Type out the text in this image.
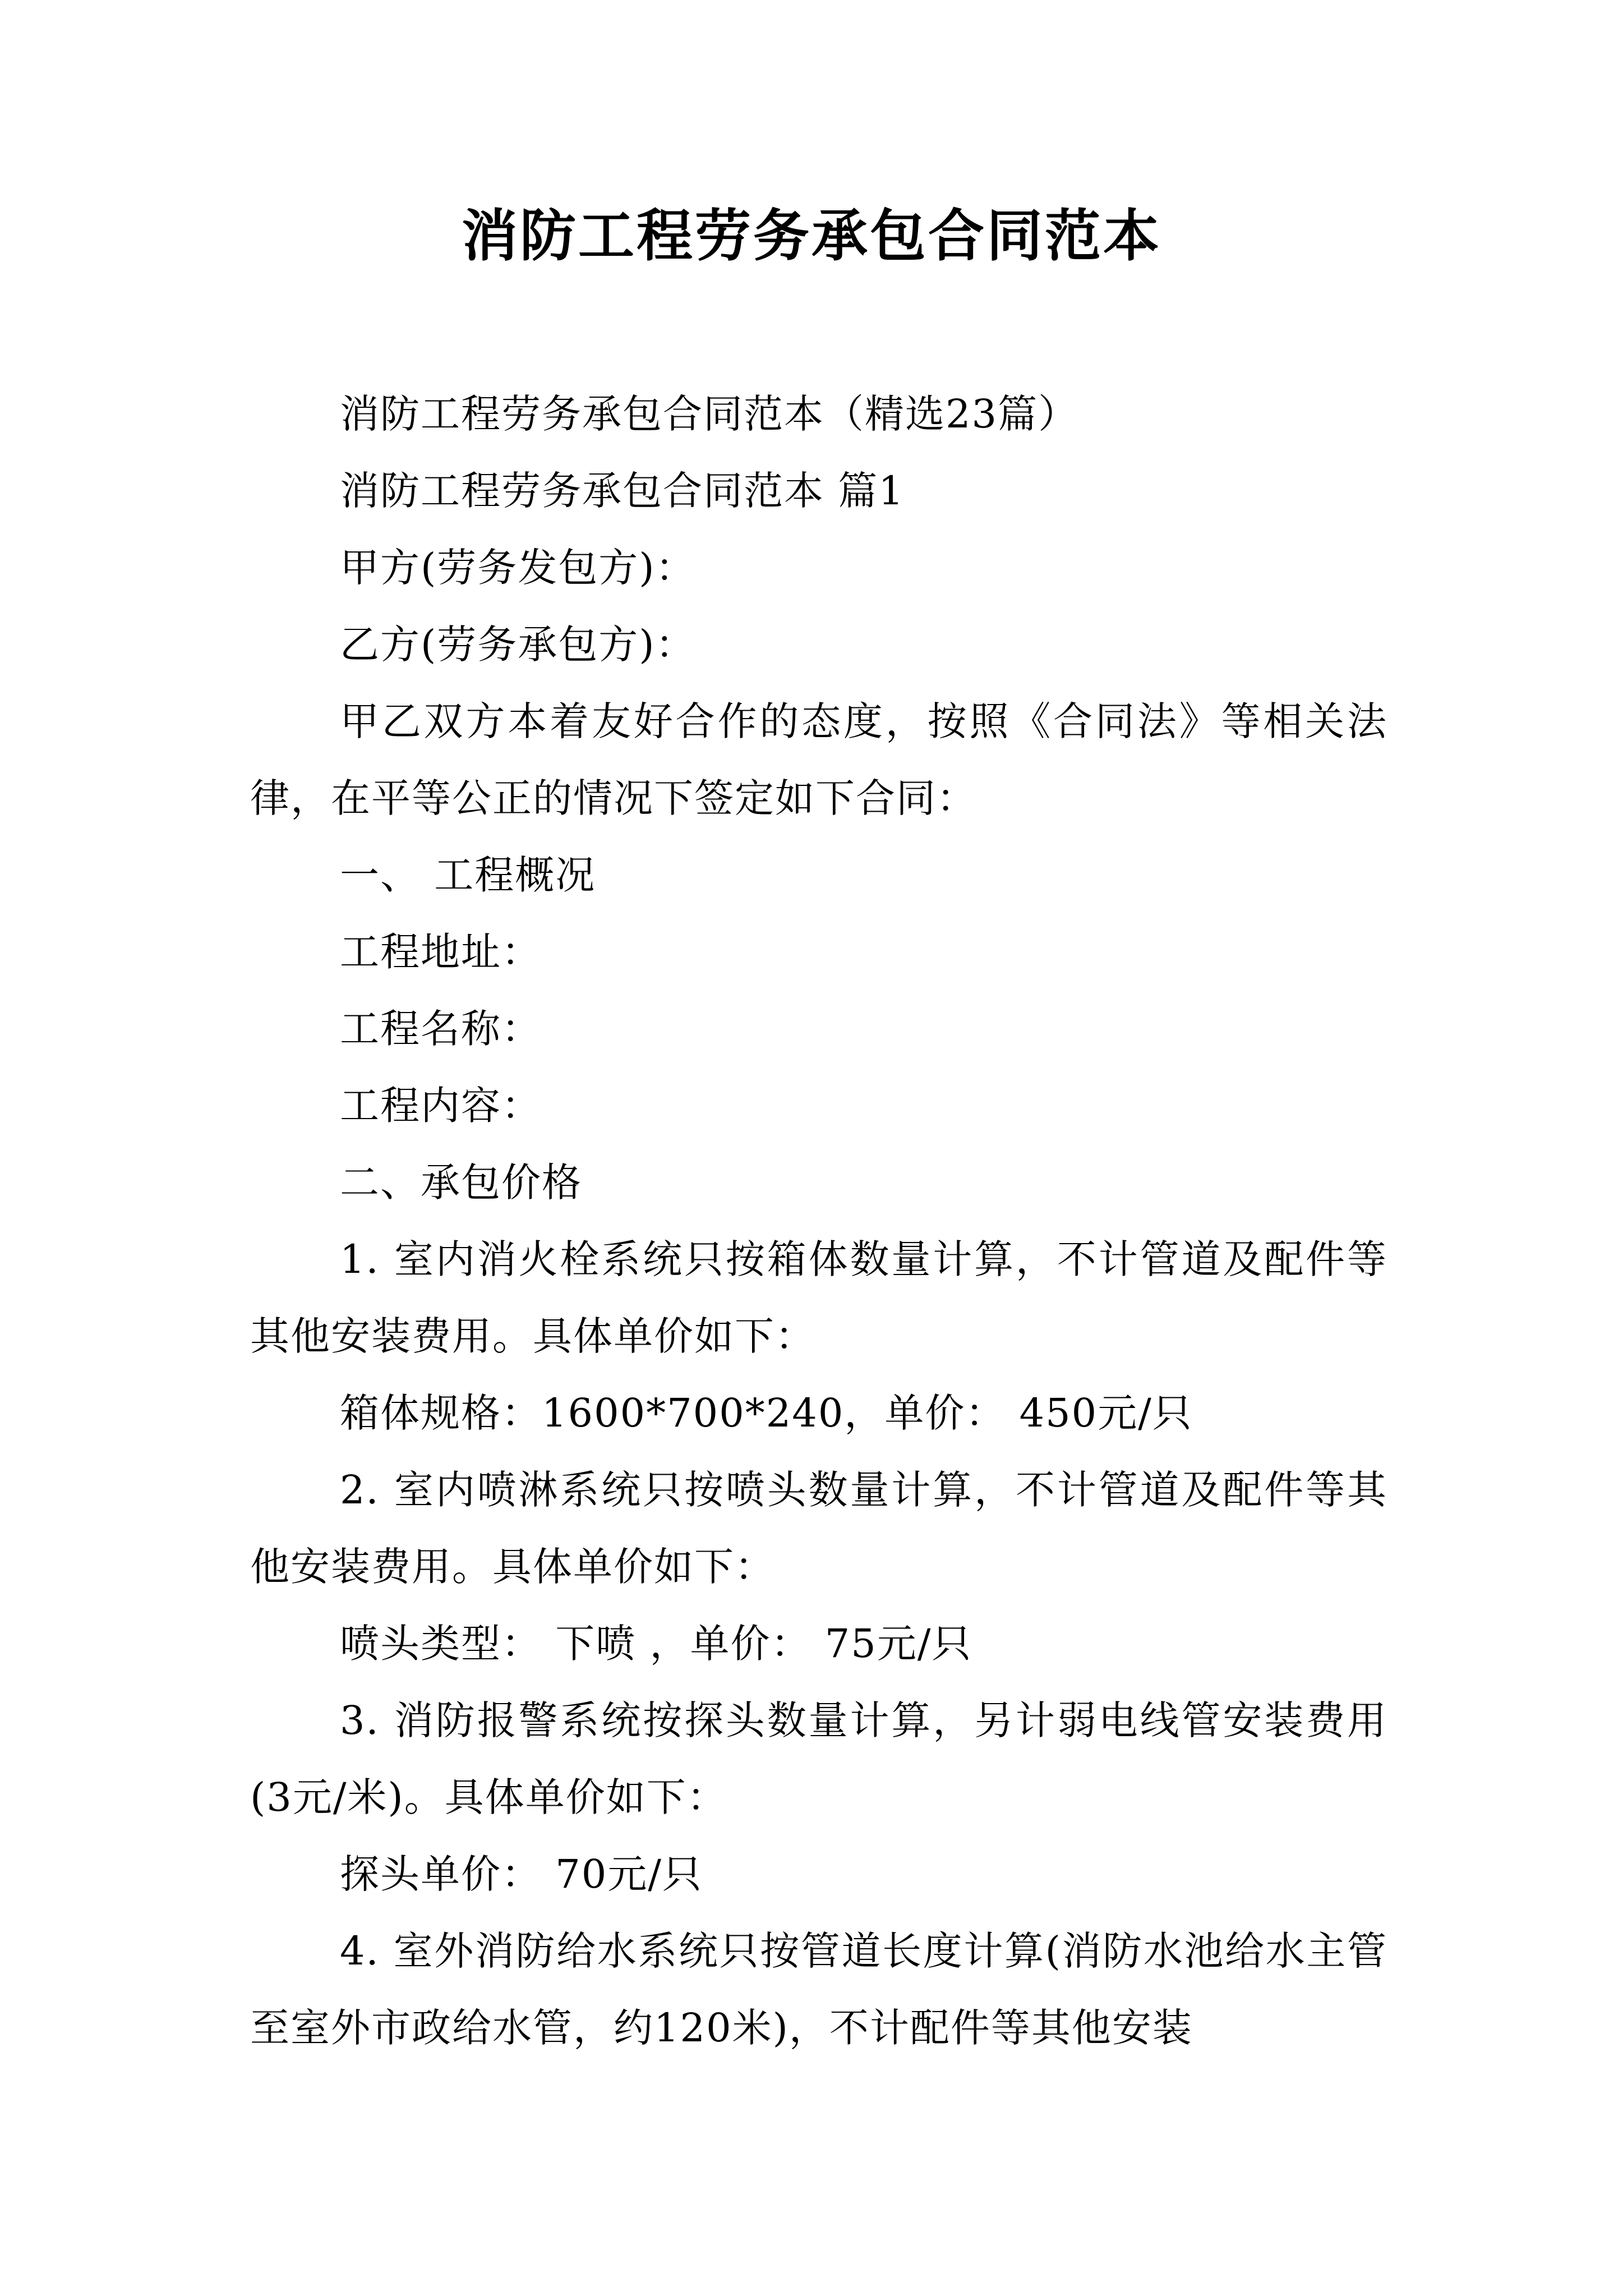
消防工程劳务承包合同范本

消防工程劳务承包合同范本（精选23篇）

消防工程劳务承包合同范本 篇1

甲方(劳务发包方)：

乙方(劳务承包方)：

甲乙双方本着友好合作的态度，按照《合同法》等相关法律，在平等公正的情况下签定如下合同：

一、 工程概况

工程地址：

工程名称：

工程内容：

二、承包价格

1. 室内消火栓系统只按箱体数量计算，不计管道及配件等其他安装费用。具体单价如下：

箱体规格：1600*700*240，单价： 450元/只

2. 室内喷淋系统只按喷头数量计算，不计管道及配件等其他安装费用。具体单价如下：

喷头类型： 下喷 ，单价： 75元/只

3. 消防报警系统按探头数量计算，另计弱电线管安装费用(3元/米)。具体单价如下：

探头单价： 70元/只

4. 室外消防给水系统只按管道长度计算(消防水池给水主管至室外市政给水管，约120米)，不计配件等其他安装
